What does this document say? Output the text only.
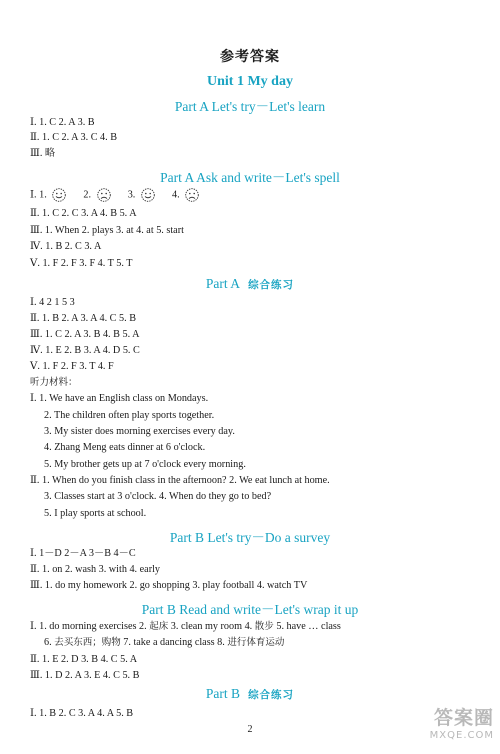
参考答案
Unit 1 My day
Part A Let's try－Let's learn
Ⅰ. 1. C 2. A 3. B
Ⅱ. 1. C 2. A 3. C 4. B
Ⅲ. 略
Part A Ask and write－Let's spell
Ⅰ. 1.	2.	3.	4.
Ⅱ. 1. C 2. C 3. A 4. B 5. A
Ⅲ. 1. When 2. plays 3. at 4. at 5. start
Ⅳ. 1. B 2. C 3. A
Ⅴ. 1. F 2. F 3. F 4. T 5. T
Part A 综合练习
Ⅰ. 4 2 1 5 3
Ⅱ. 1. B 2. A 3. A 4. C 5. B
Ⅲ. 1. C 2. A 3. B 4. B 5. A
Ⅳ. 1. E 2. B 3. A 4. D 5. C
Ⅴ. 1. F 2. F 3. T 4. F
听力材料：
Ⅰ. 1. We have an English class on Mondays.
2. The children often play sports together.
3. My sister does morning exercises every day.
4. Zhang Meng eats dinner at 6 o'clock.
5. My brother gets up at 7 o'clock every morning.
Ⅱ. 1. When do you finish class in the afternoon? 2. We eat lunch at home.
3. Classes start at 3 o'clock. 4. When do they go to bed?
5. I play sports at school.
Part B Let's try－Do a survey
Ⅰ. 1－D 2－A 3－B 4－C
Ⅱ. 1. on 2. wash 3. with 4. early
Ⅲ. 1. do my homework 2. go shopping 3. play football 4. watch TV
Part B Read and write－Let's wrap it up
Ⅰ. 1. do morning exercises 2. 起床 3. clean my room 4. 散步 5. have … class
6. 去买东西；购物 7. take a dancing class 8. 进行体育运动
Ⅱ. 1. E 2. D 3. B 4. C 5. A
Ⅲ. 1. D 2. A 3. E 4. C 5. B
Part B 综合练习
Ⅰ. 1. B 2. C 3. A 4. A 5. B
2
答案圈
MXQE.COM
